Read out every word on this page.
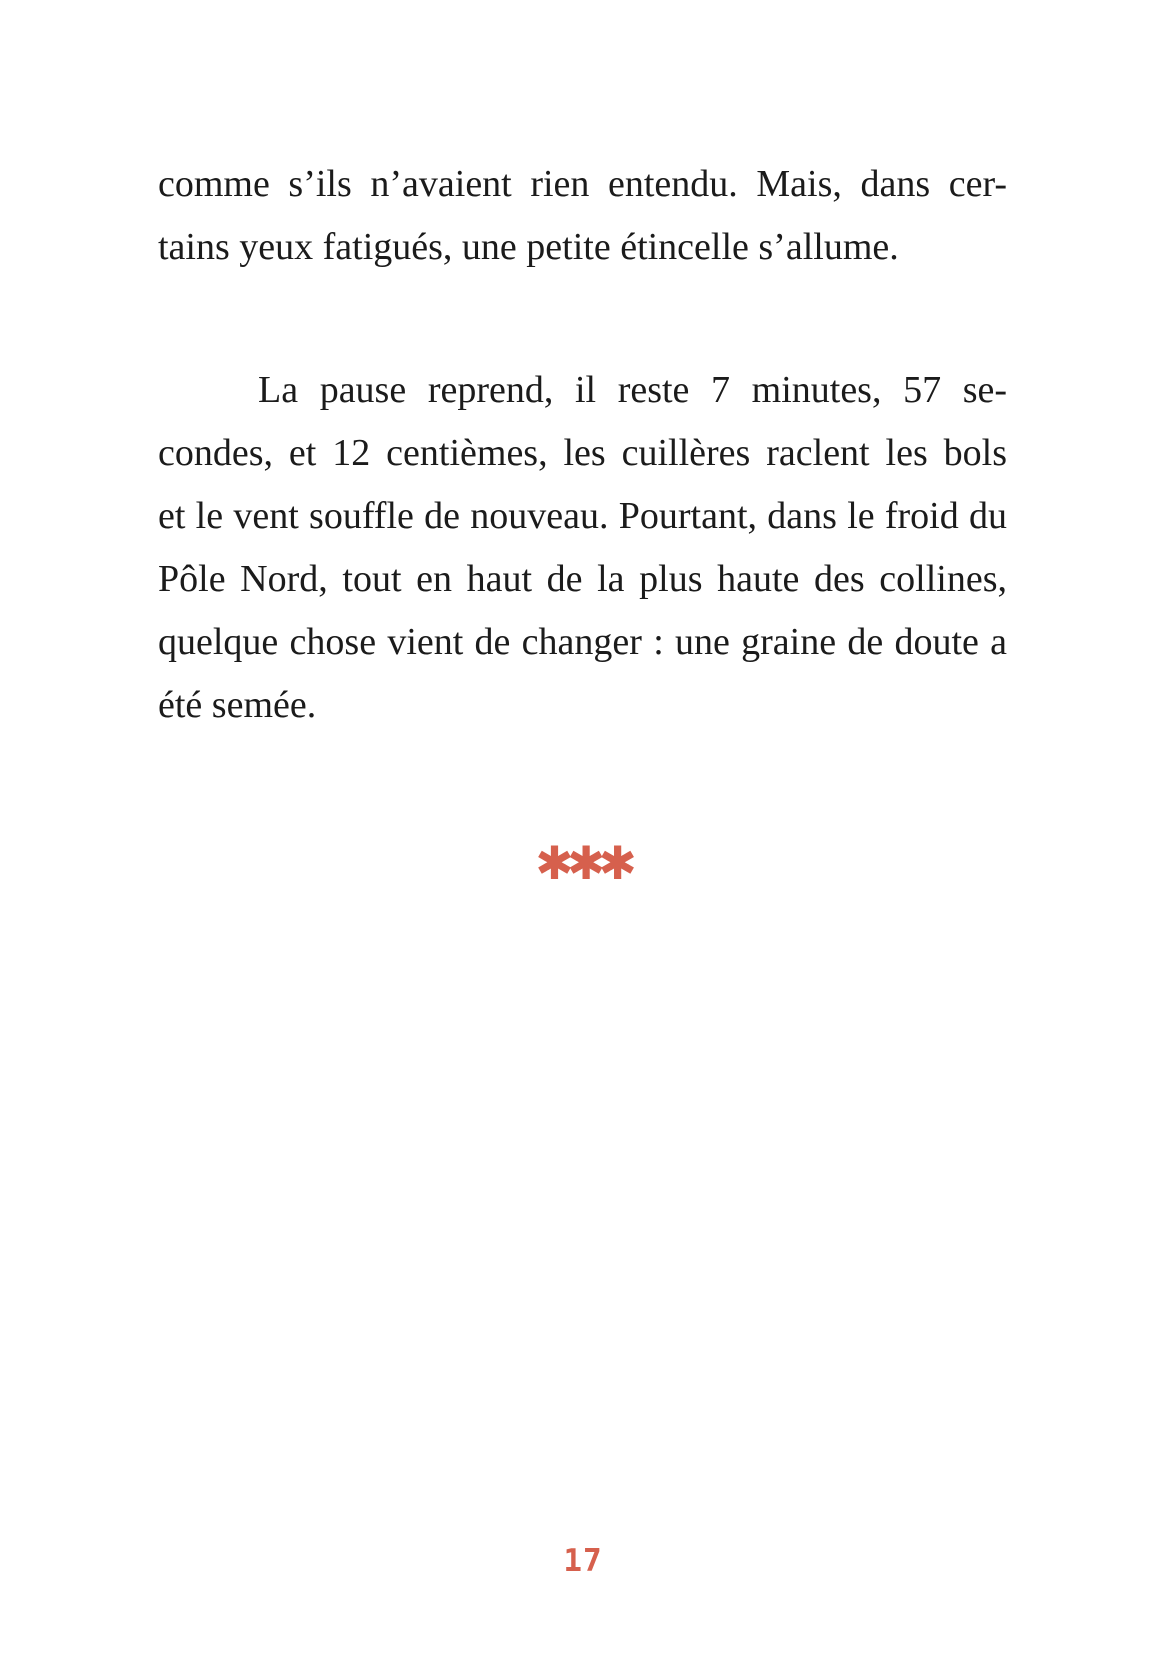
comme s’ils n’avaient rien entendu. Mais, dans cer-
tains yeux fatigués, une petite étincelle s’allume.
La pause reprend, il reste 7 minutes, 57 se-
condes, et 12 centièmes, les cuillères raclent les bols
et le vent souffle de nouveau. Pourtant, dans le froid du
Pôle Nord, tout en haut de la plus haute des collines,
quelque chose vient de changer : une graine de doute a
été semée.
✱✱✱
17
